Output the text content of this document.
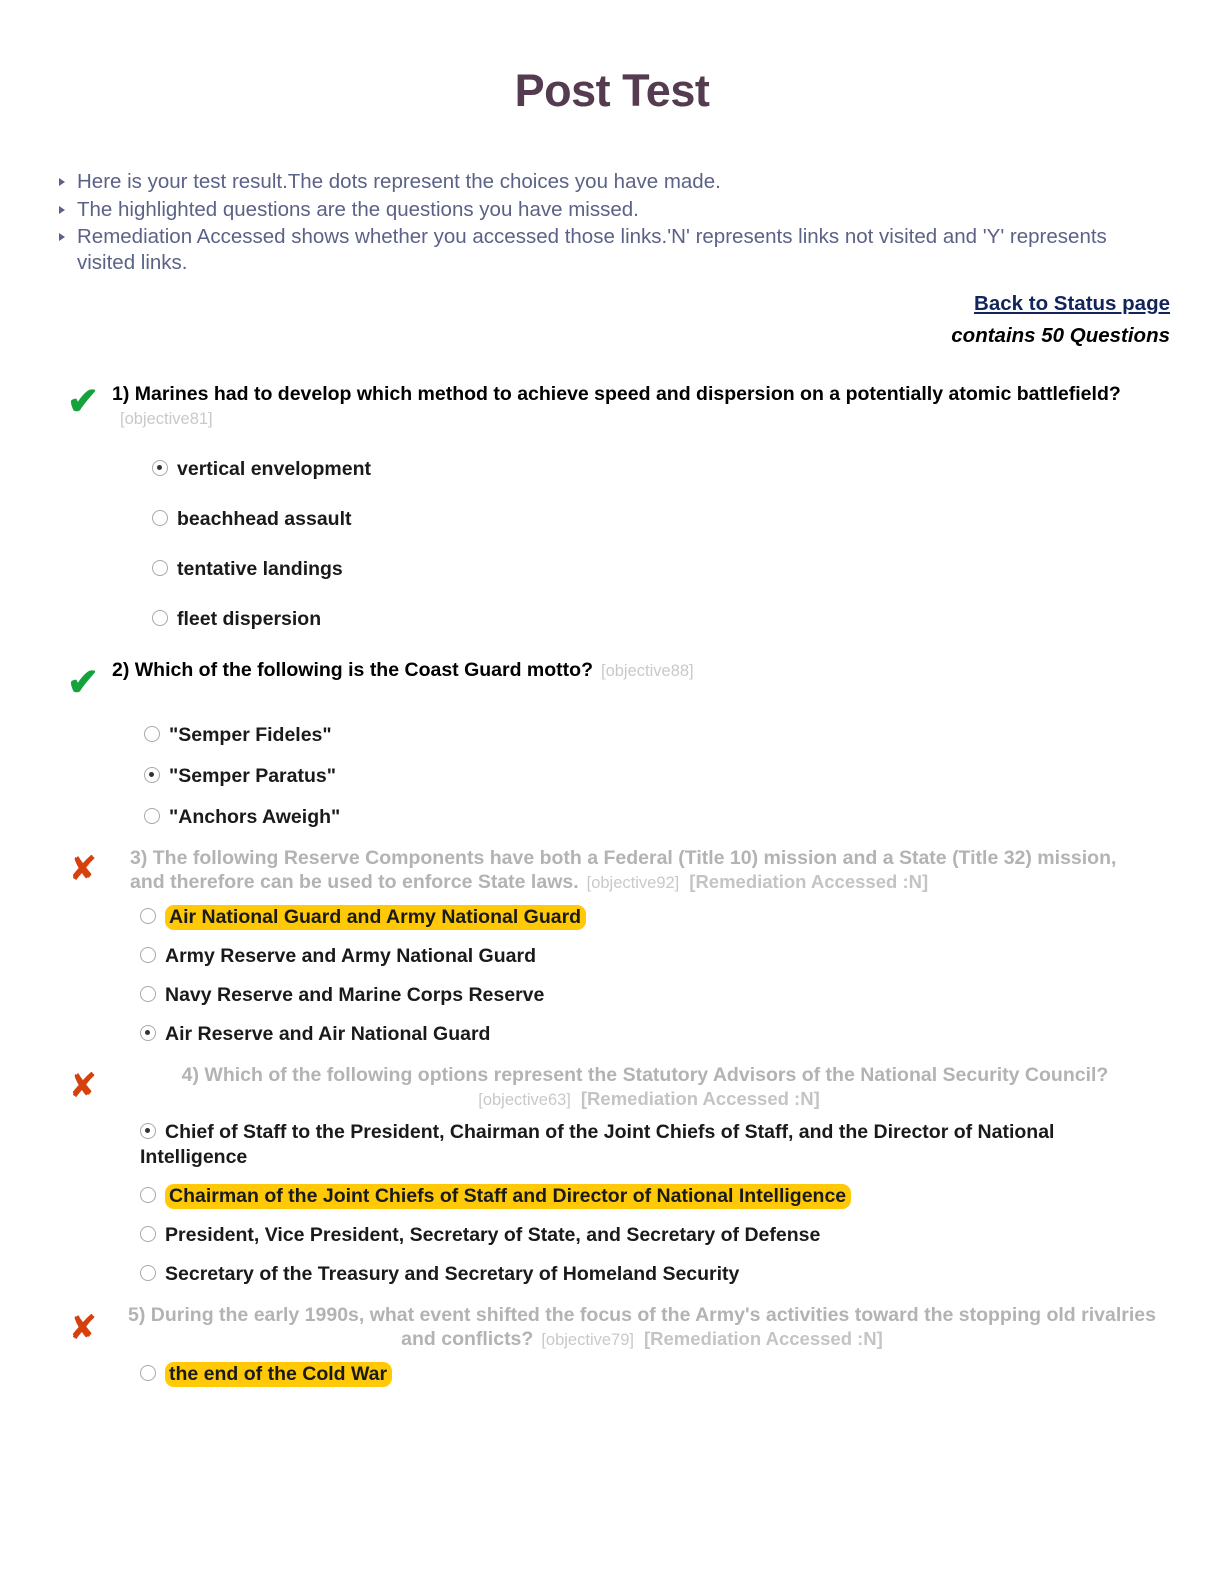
Post Test
Here is your test result.The dots represent the choices you have made.
The highlighted questions are the questions you have missed.
Remediation Accessed shows whether you accessed those links.'N' represents links not visited and 'Y' represents visited links.
Back to Status page
contains 50 Questions
✔ 1) Marines had to develop which method to achieve speed and dispersion on a potentially atomic battlefield?[objective81]
vertical envelopment
beachhead assault
tentative landings
fleet dispersion
✔ 2) Which of the following is the Coast Guard motto? [objective88]
"Semper Fideles"
"Semper Paratus"
"Anchors Aweigh"
✘	3) The following Reserve Components have both a Federal (Title 10) mission and a State (Title 32) mission, and therefore can be used to enforce State laws. [objective92] [Remediation Accessed :N]
Air National Guard and Army National Guard
Army Reserve and Army National Guard
Navy Reserve and Marine Corps Reserve
Air Reserve and Air National Guard
✘	4) Which of the following options represent the Statutory Advisors of the National Security Council?
[objective63] [Remediation Accessed :N]
Chief of Staff to the President, Chairman of the Joint Chiefs of Staff, and the Director of National Intelligence
Chairman of the Joint Chiefs of Staff and Director of National Intelligence
President, Vice President, Secretary of State, and Secretary of Defense
Secretary of the Treasury and Secretary of Homeland Security
✘	5) During the early 1990s, what event shifted the focus of the Army's activities toward the stopping old rivalries and conflicts? [objective79] [Remediation Accessed :N]
the end of the Cold War
